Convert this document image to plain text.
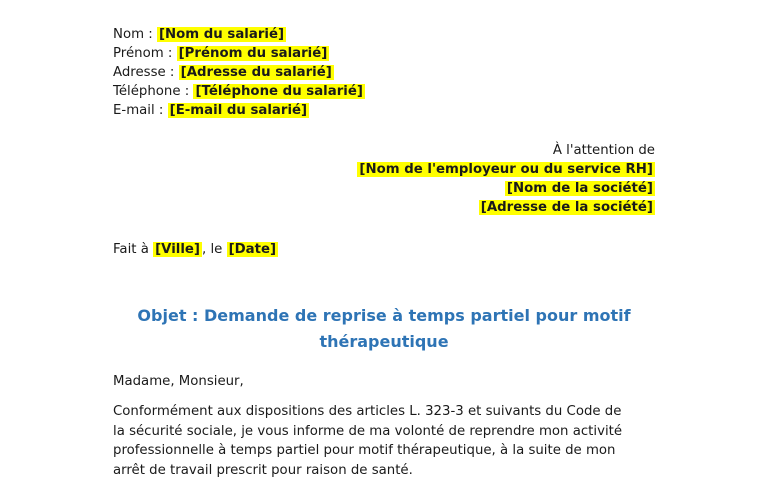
Nom : [Nom du salarié]
Prénom : [Prénom du salarié]
Adresse : [Adresse du salarié]
Téléphone : [Téléphone du salarié]
E-mail : [E-mail du salarié]
À l'attention de
[Nom de l'employeur ou du service RH]
[Nom de la société]
[Adresse de la société]
Fait à [Ville] , le [Date]
Objet : Demande de reprise à temps partiel pour motif
thérapeutique
Madame, Monsieur,
Conformément aux dispositions des articles L. 323-3 et suivants du Code de
la sécurité sociale, je vous informe de ma volonté de reprendre mon activité
professionnelle à temps partiel pour motif thérapeutique, à la suite de mon
arrêt de travail prescrit pour raison de santé.
